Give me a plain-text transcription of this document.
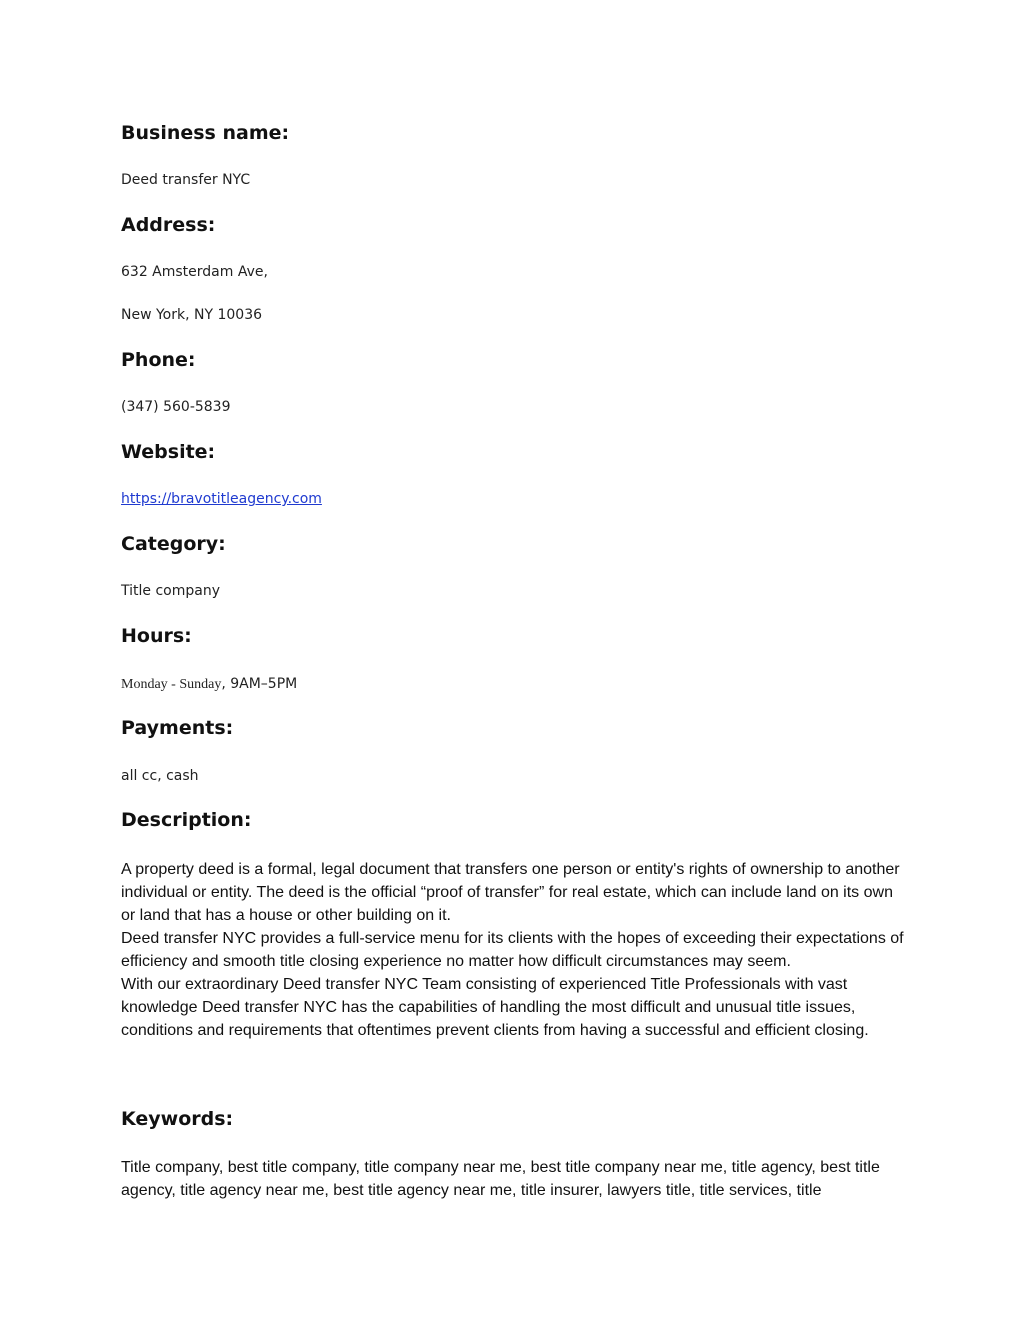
Business name:
Deed transfer NYC
Address:
632 Amsterdam Ave,
New York, NY 10036
Phone:
(347) 560-5839
Website:
https://bravotitleagency.com
Category:
Title company
Hours:
Monday - Sunday, 9AM–5PM
Payments:
all cc, cash
Description:

A property deed is a formal, legal document that transfers one person or entity's rights of ownership to another individual or entity. The deed is the official “proof of transfer” for real estate, which can include land on its own or land that has a house or other building on it.

Deed transfer NYC provides a full-service menu for its clients with the hopes of exceeding their expectations of efficiency and smooth title closing experience no matter how difficult circumstances may seem.

With our extraordinary Deed transfer NYC Team consisting of experienced Title Professionals with vast knowledge Deed transfer NYC has the capabilities of handling the most difficult and unusual title issues, conditions and requirements that oftentimes prevent clients from having a successful and efficient closing.

Keywords:

Title company, best title company, title company near me, best title company near me, title agency, best title agency, title agency near me, best title agency near me, title insurer, lawyers title, title services, title
